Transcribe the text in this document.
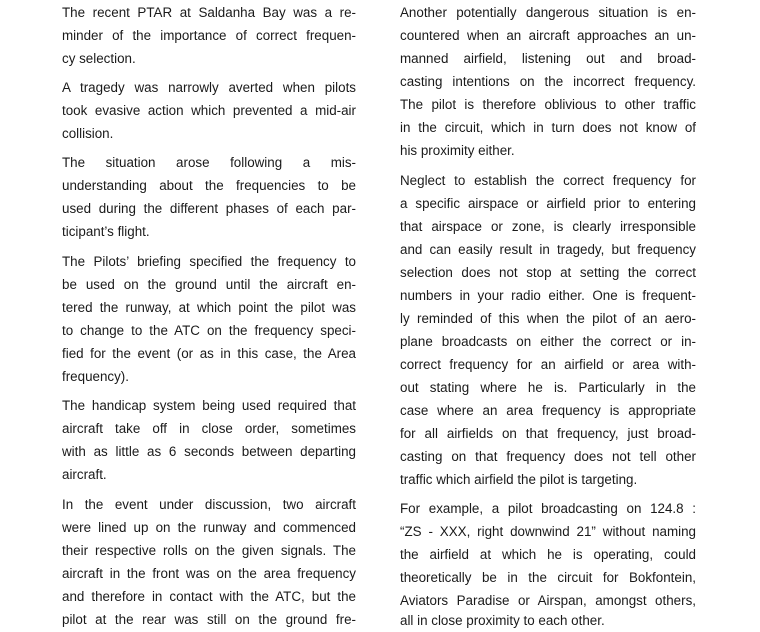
The recent PTAR at Saldanha Bay was a re-
minder of the importance of correct frequen-
cy selection.
A tragedy was narrowly averted when pilots
took evasive action which prevented a mid-air
collision.
The situation arose following a mis-
understanding about the frequencies to be
used during the different phases of each par-
ticipant’s flight.
The Pilots’ briefing specified the frequency to
be used on the ground until the aircraft en-
tered the runway, at which point the pilot was
to change to the ATC on the frequency speci-
fied for the event (or as in this case, the Area
frequency).
The handicap system being used required that
aircraft take off in close order, sometimes
with as little as 6 seconds between departing
aircraft.
In the event under discussion, two aircraft
were lined up on the runway and commenced
their respective rolls on the given signals. The
aircraft in the front was on the area frequency
and therefore in contact with the ATC, but the
pilot at the rear was still on the ground fre-
Another potentially dangerous situation is en-
countered when an aircraft approaches an un-
manned airfield, listening out and broad-
casting intentions on the incorrect frequency.
The pilot is therefore oblivious to other traffic
in the circuit, which in turn does not know of
his proximity either.
Neglect to establish the correct frequency for
a specific airspace or airfield prior to entering
that airspace or zone, is clearly irresponsible
and can easily result in tragedy, but frequency
selection does not stop at setting the correct
numbers in your radio either. One is frequent-
ly reminded of this when the pilot of an aero-
plane broadcasts on either the correct or in-
correct frequency for an airfield or area with-
out stating where he is. Particularly in the
case where an area frequency is appropriate
for all airfields on that frequency, just broad-
casting on that frequency does not tell other
traffic which airfield the pilot is targeting.
For example, a pilot broadcasting on 124.8 :
“ZS - XXX, right downwind 21” without naming
the airfield at which he is operating, could
theoretically be in the circuit for Bokfontein,
Aviators Paradise or Airspan, amongst others,
all in close proximity to each other.
